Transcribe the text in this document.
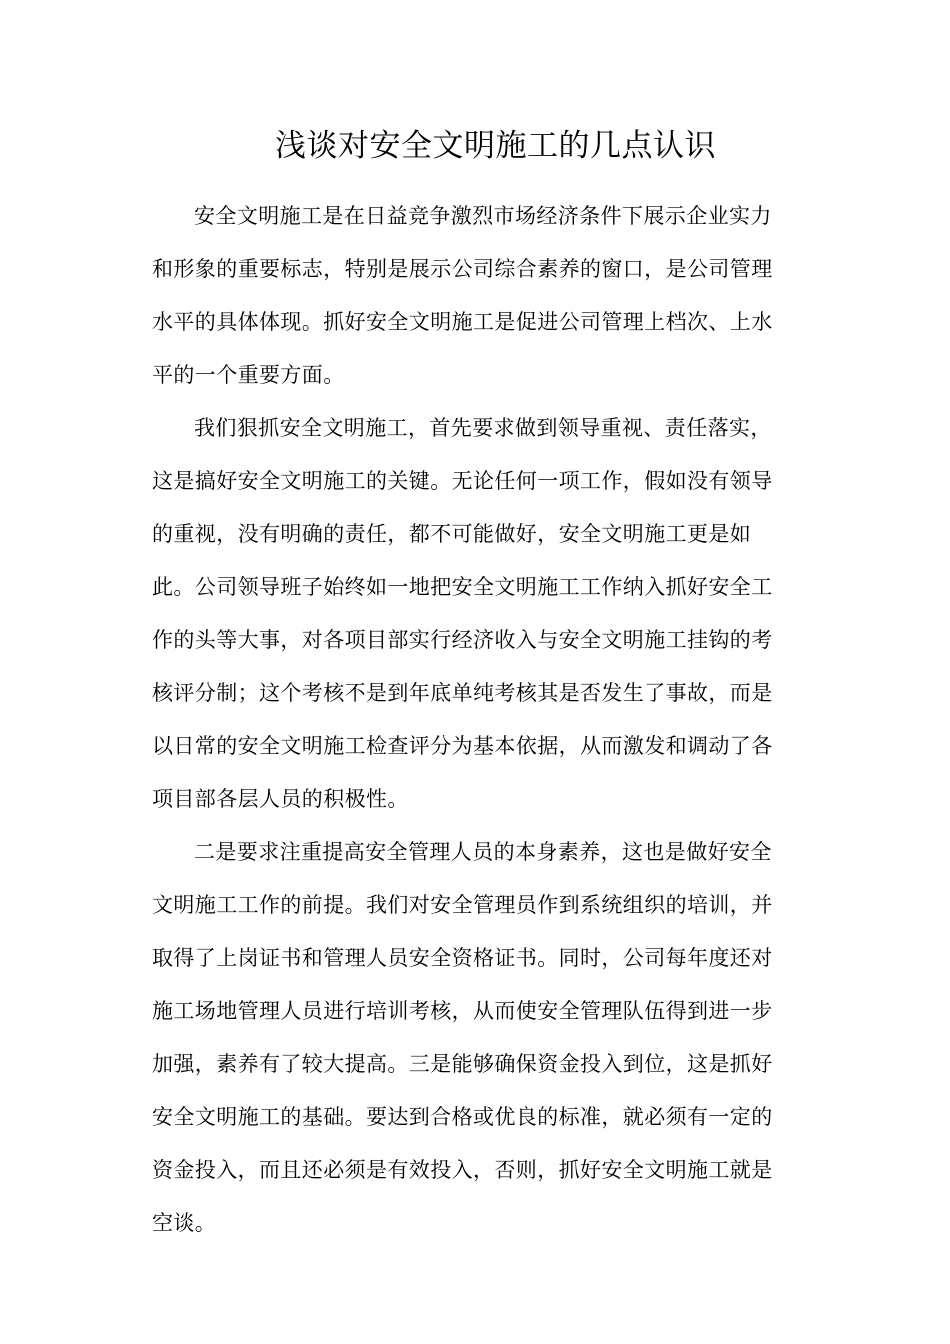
浅谈对安全文明施工的几点认识

安全文明施工是在日益竞争激烈市场经济条件下展示企业实力
和形象的重要标志，特别是展示公司综合素养的窗口，是公司管理
水平的具体体现。抓好安全文明施工是促进公司管理上档次、上水
平的一个重要方面。

我们狠抓安全文明施工，首先要求做到领导重视、责任落实，
这是搞好安全文明施工的关键。无论任何一项工作，假如没有领导
的重视，没有明确的责任，都不可能做好，安全文明施工更是如
此。公司领导班子始终如一地把安全文明施工工作纳入抓好安全工
作的头等大事，对各项目部实行经济收入与安全文明施工挂钩的考
核评分制；这个考核不是到年底单纯考核其是否发生了事故，而是
以日常的安全文明施工检查评分为基本依据，从而激发和调动了各
项目部各层人员的积极性。

二是要求注重提高安全管理人员的本身素养，这也是做好安全
文明施工工作的前提。我们对安全管理员作到系统组织的培训，并
取得了上岗证书和管理人员安全资格证书。同时，公司每年度还对
施工场地管理人员进行培训考核，从而使安全管理队伍得到进一步
加强，素养有了较大提高。三是能够确保资金投入到位，这是抓好
安全文明施工的基础。要达到合格或优良的标准，就必须有一定的
资金投入，而且还必须是有效投入，否则，抓好安全文明施工就是
空谈。
